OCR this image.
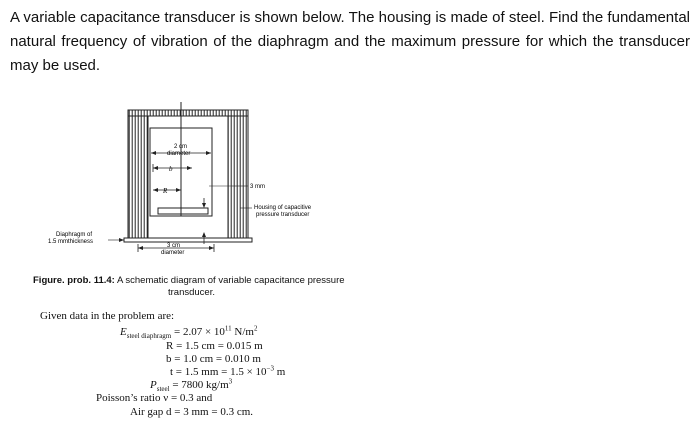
A variable capacitance transducer is shown below. The housing is made of steel. Find the fundamental natural frequency of vibration of the diaphragm and the maximum pressure for which the transducer may be used.

2 cm
diameter
b
R	3 mm
Housing of capacitive
pressure transducer
Diaphragm of
1.5 mmthickness
3 cm
diameter
Figure. prob. 11.4: A schematic diagram of variable capacitance pressure
transducer.
Given data in the problem are:
$E_{steel diaphragm} = 2.07 \times 10^{11}$ $N/m^2$
R = 1.5 cm = 0.015 m
b = 1.0 cm = 0.010 m
t = 1.5 mm = $1.5 \times 10^{-3}$ m
$P_{steel} = 7800$ $kg/m^3$
Poisson’s ratio ν = 0.3 and
Air gap d = 3 mm = 0.3 cm.
